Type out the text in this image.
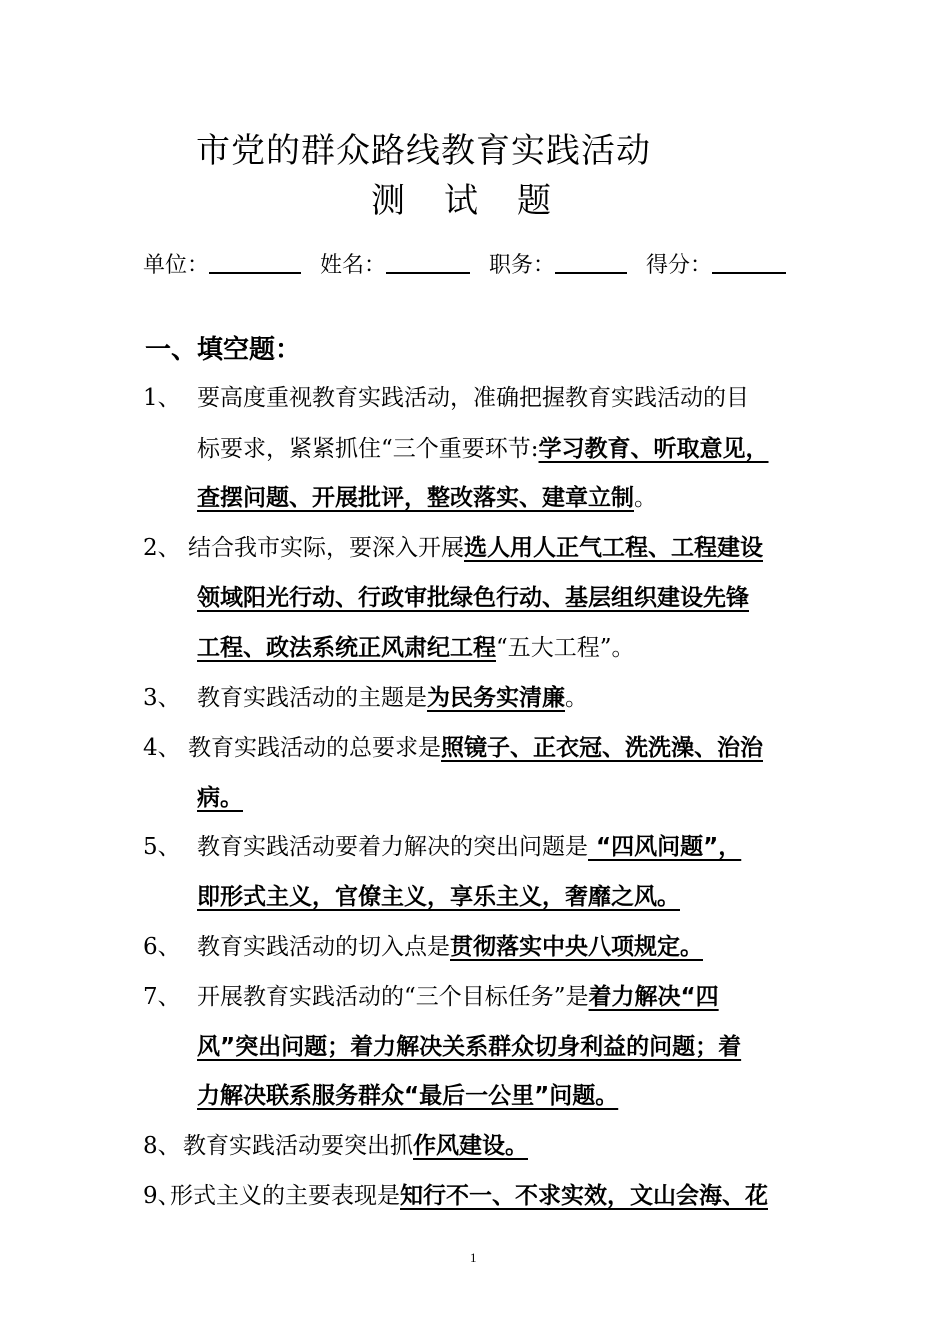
市党的群众路线教育实践活动
测 试 题
单位：	姓名：	职务：	得分：
一、填空题：
1、 要高度重视教育实践活动，准确把握教育实践活动的目
标要求，紧紧抓住“三个重要环节:学习教育、听取意见，
查摆问题、开展批评，整改落实、建章立制。
2、 结合我市实际，要深入开展选人用人正气工程、工程建设
领域阳光行动、行政审批绿色行动、基层组织建设先锋
工程、政法系统正风肃纪工程“五大工程”。
3、 教育实践活动的主题是为民务实清廉。
4、 教育实践活动的总要求是照镜子、正衣冠、洗洗澡、治治
病。
5、 教育实践活动要着力解决的突出问题是 “四风问题”，
即形式主义，官僚主义，享乐主义，奢靡之风。
6、 教育实践活动的切入点是贯彻落实中央八项规定。
7、 开展教育实践活动的“三个目标任务”是着力解决“四
风”突出问题；着力解决关系群众切身利益的问题；着
力解决联系服务群众“最后一公里”问题。
8、 教育实践活动要突出抓作风建设。
9、
形式主义的主要表现是知行不一、不求实效，文山会海、花
1
